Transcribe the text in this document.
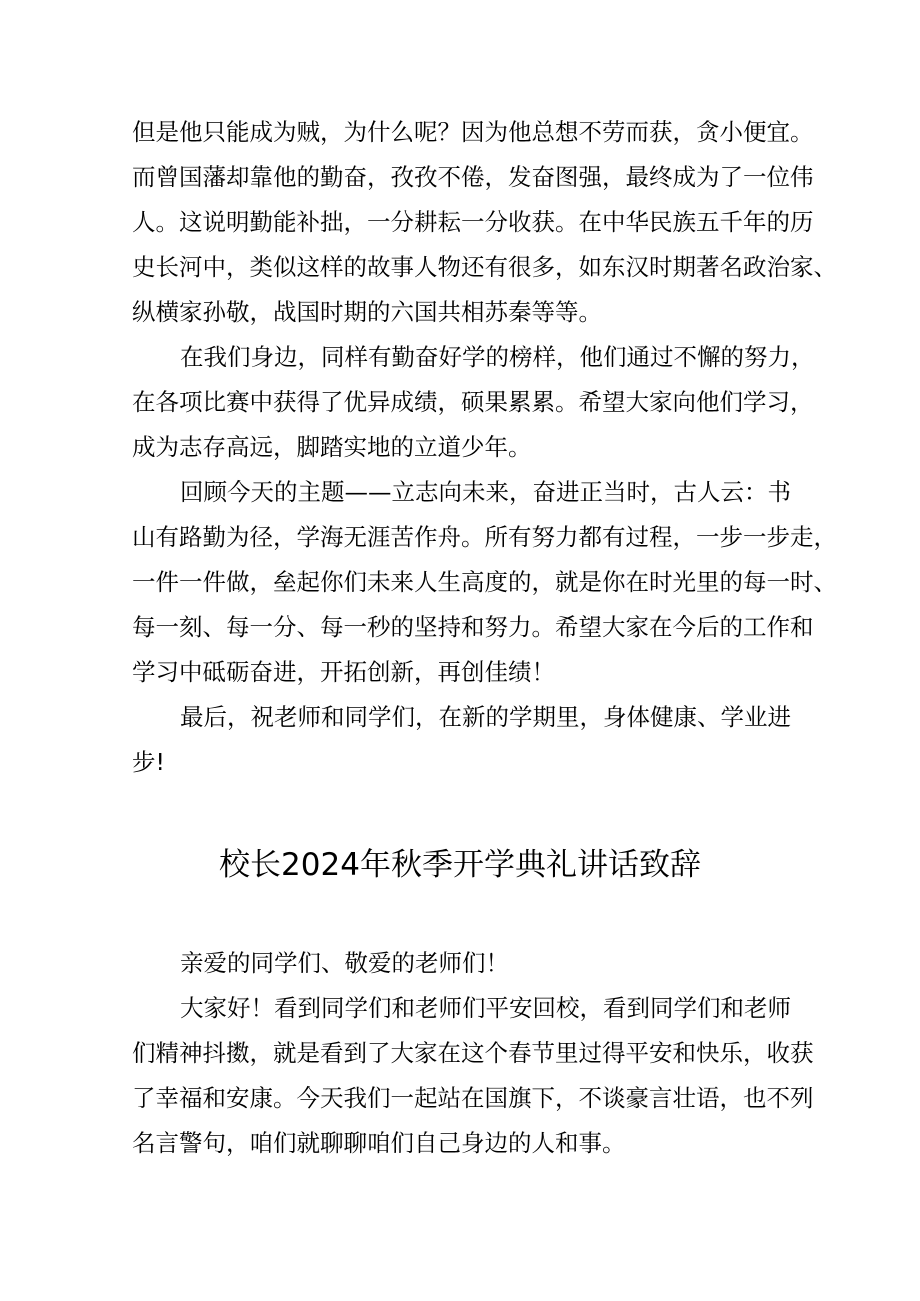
但是他只能成为贼，为什么呢？因为他总想不劳而获，贪小便宜。
而曾国藩却靠他的勤奋，孜孜不倦，发奋图强，最终成为了一位伟
人。这说明勤能补拙，一分耕耘一分收获。在中华民族五千年的历
史长河中，类似这样的故事人物还有很多，如东汉时期著名政治家、
纵横家孙敬，战国时期的六国共相苏秦等等。
在我们身边，同样有勤奋好学的榜样，他们通过不懈的努力，
在各项比赛中获得了优异成绩，硕果累累。希望大家向他们学习，
成为志存高远，脚踏实地的立道少年。
回顾今天的主题——立志向未来，奋进正当时，古人云：书
山有路勤为径，学海无涯苦作舟。所有努力都有过程，一步一步走，
一件一件做，垒起你们未来人生高度的，就是你在时光里的每一时、
每一刻、每一分、每一秒的坚持和努力。希望大家在今后的工作和
学习中砥砺奋进，开拓创新，再创佳绩！
最后，祝老师和同学们，在新的学期里，身体健康、学业进
步!
校长2024年秋季开学典礼讲话致辞
亲爱的同学们、敬爱的老师们！
大家好！看到同学们和老师们平安回校，看到同学们和老师
们精神抖擞，就是看到了大家在这个春节里过得平安和快乐，收获
了幸福和安康。今天我们一起站在国旗下，不谈豪言壮语，也不列
名言警句，咱们就聊聊咱们自己身边的人和事。
